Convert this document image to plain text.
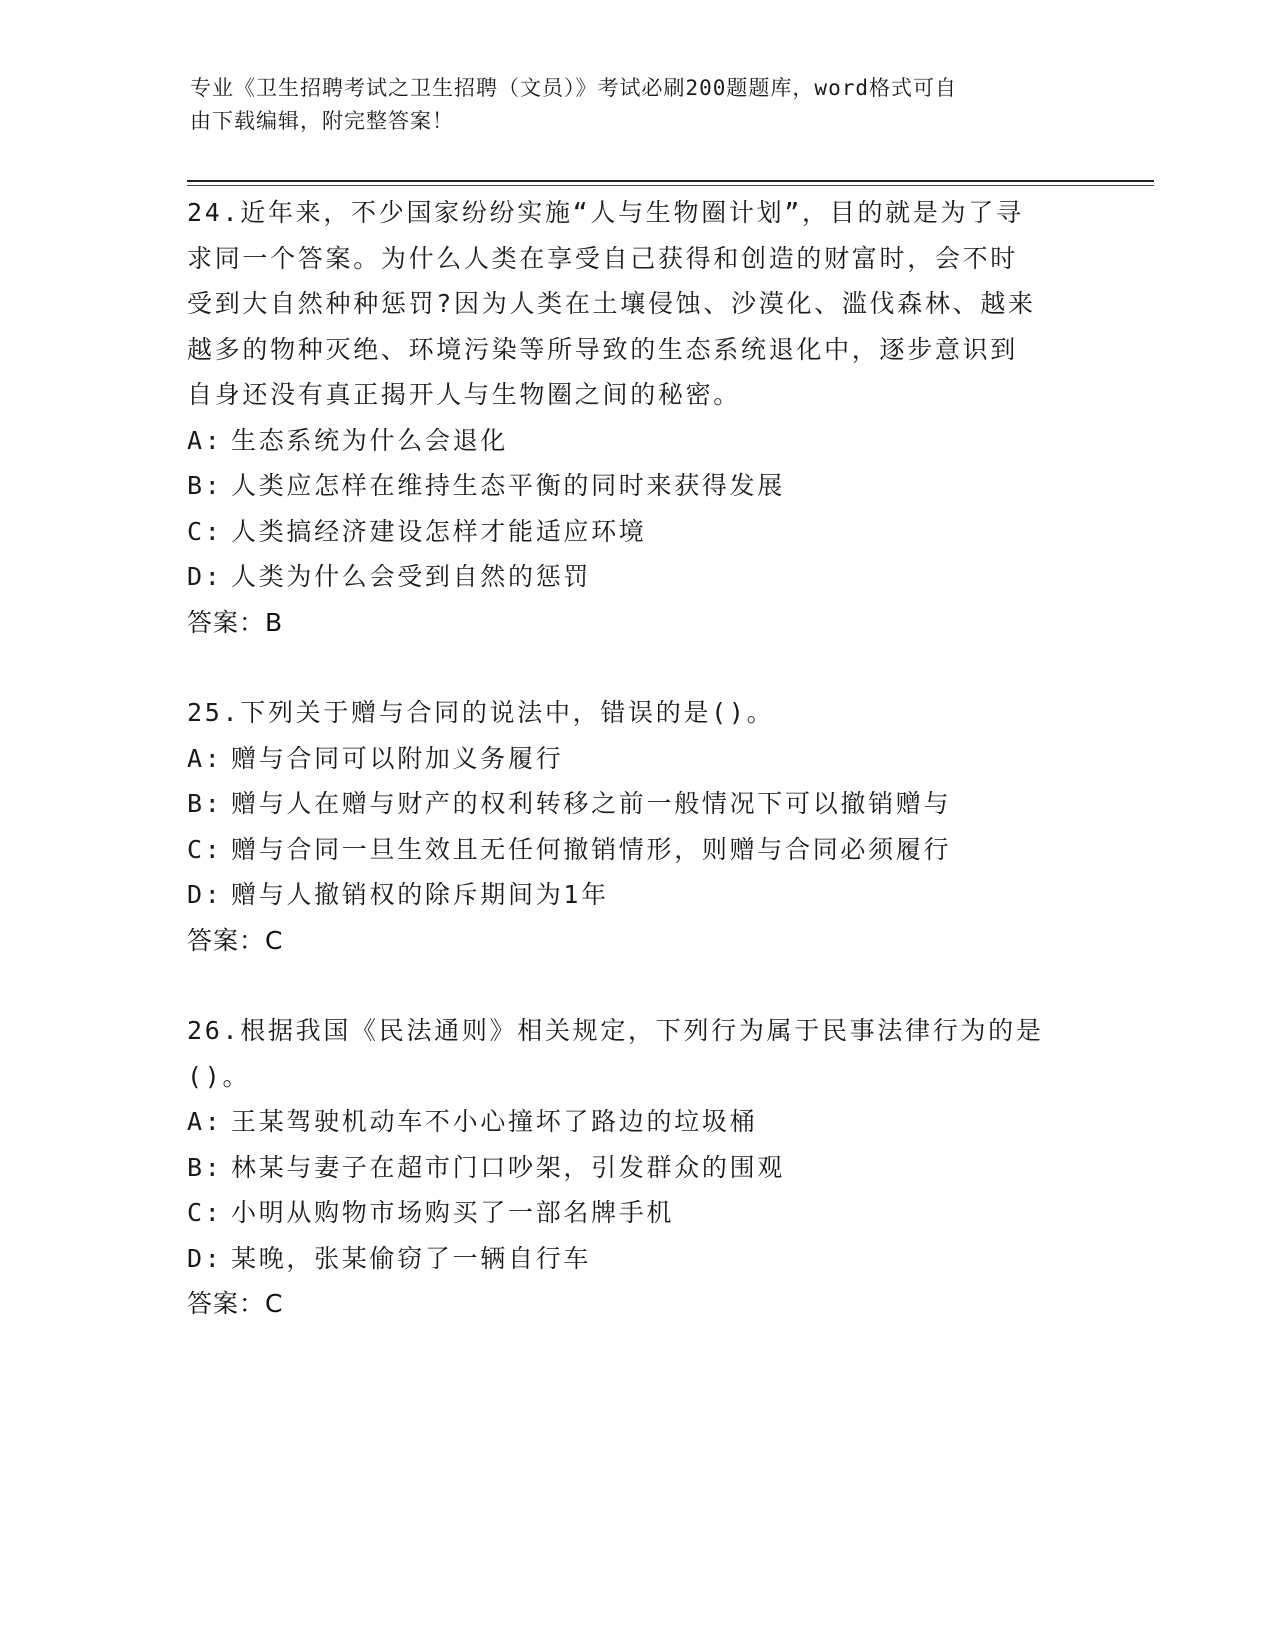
专业《卫生招聘考试之卫生招聘（文员）》考试必刷200题题库，word格式可自
由下载编辑，附完整答案！
24.近年来，不少国家纷纷实施“人与生物圈计划”，目的就是为了寻
求同一个答案。为什么人类在享受自己获得和创造的财富时，会不时
受到大自然种种惩罚?因为人类在土壤侵蚀、沙漠化、滥伐森林、越来
越多的物种灭绝、环境污染等所导致的生态系统退化中，逐步意识到
自身还没有真正揭开人与生物圈之间的秘密。
A: 生态系统为什么会退化
B: 人类应怎样在维持生态平衡的同时来获得发展
C: 人类搞经济建设怎样才能适应环境
D: 人类为什么会受到自然的惩罚
答案：B
25.下列关于赠与合同的说法中，错误的是()。
A: 赠与合同可以附加义务履行
B: 赠与人在赠与财产的权利转移之前一般情况下可以撤销赠与
C: 赠与合同一旦生效且无任何撤销情形，则赠与合同必须履行
D: 赠与人撤销权的除斥期间为1年
答案：C
26.根据我国《民法通则》相关规定，下列行为属于民事法律行为的是
()。
A: 王某驾驶机动车不小心撞坏了路边的垃圾桶
B: 林某与妻子在超市门口吵架，引发群众的围观
C: 小明从购物市场购买了一部名牌手机
D: 某晚，张某偷窃了一辆自行车
答案：C
